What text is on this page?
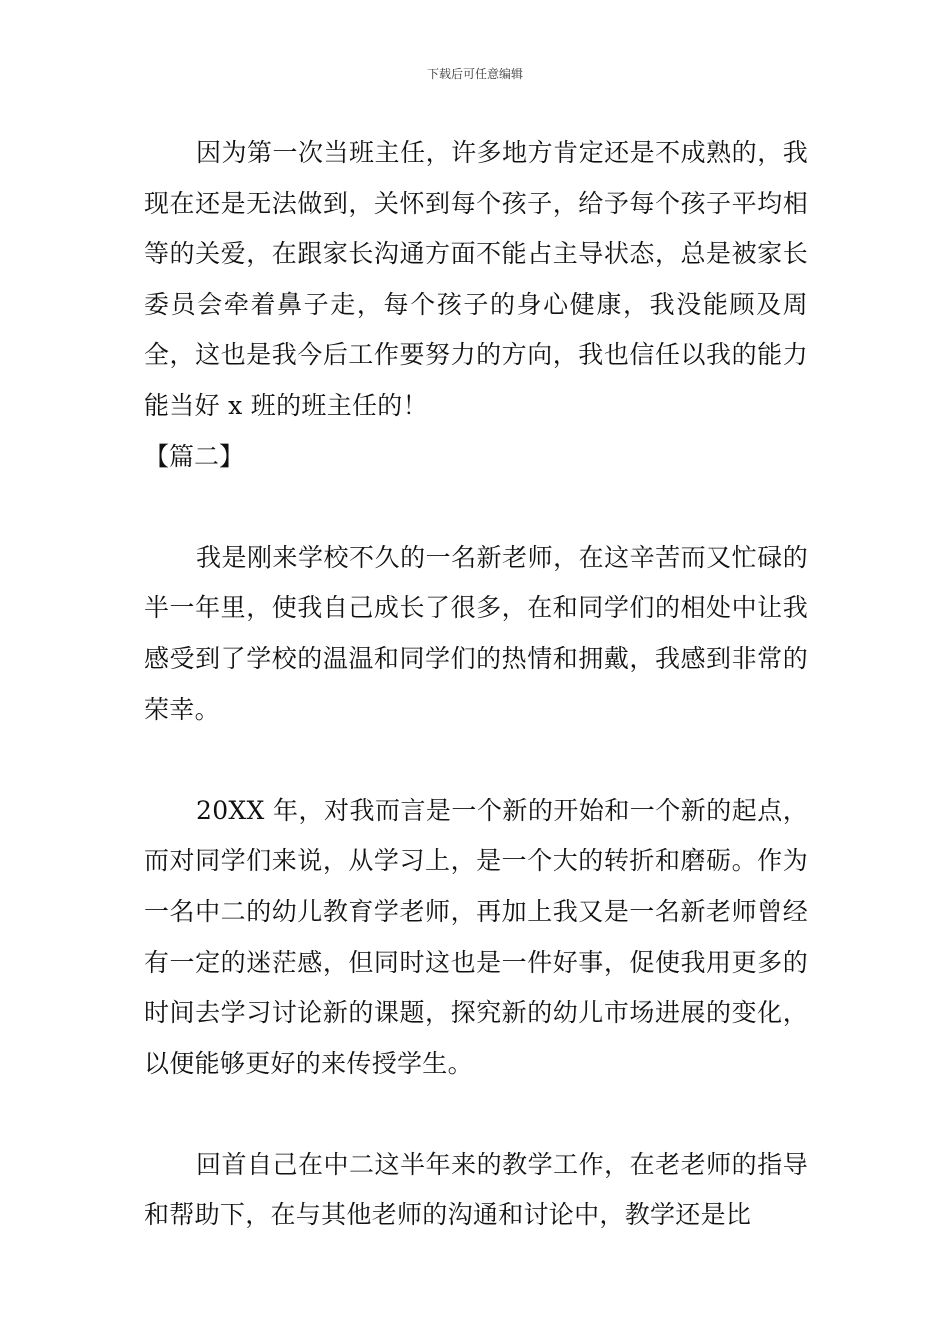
下载后可任意编辑

因为第一次当班主任，许多地方肯定还是不成熟的，我现在还是无法做到，关怀到每个孩子，给予每个孩子平均相等的关爱，在跟家长沟通方面不能占主导状态，总是被家长委员会牵着鼻子走，每个孩子的身心健康，我没能顾及周全，这也是我今后工作要努力的方向，我也信任以我的能力能当好 x 班的班主任的！

【篇二】

我是刚来学校不久的一名新老师，在这辛苦而又忙碌的半一年里，使我自己成长了很多，在和同学们的相处中让我感受到了学校的温温和同学们的热情和拥戴，我感到非常的荣幸。

20XX 年，对我而言是一个新的开始和一个新的起点，而对同学们来说，从学习上，是一个大的转折和磨砺。作为一名中二的幼儿教育学老师，再加上我又是一名新老师曾经有一定的迷茫感，但同时这也是一件好事，促使我用更多的时间去学习讨论新的课题，探究新的幼儿市场进展的变化，以便能够更好的来传授学生。

回首自己在中二这半年来的教学工作，在老老师的指导和帮助下，在与其他老师的沟通和讨论中，教学还是比
